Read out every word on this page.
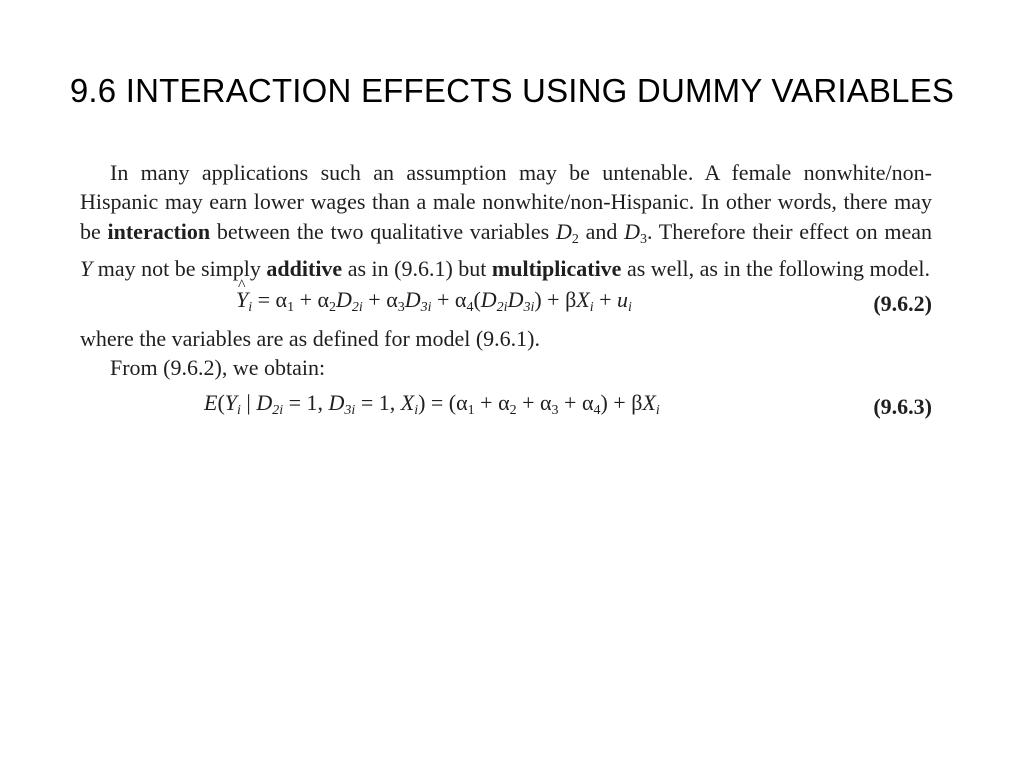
9.6 INTERACTION EFFECTS USING DUMMY VARIABLES

In many applications such an assumption may be untenable. A female nonwhite/non-Hispanic may earn lower wages than a male nonwhite/non-Hispanic. In other words, there may be interaction between the two qualitative variables $D_2$ and $D_3$. Therefore their effect on mean Y may not be simply additive as in (9.6.1) but multiplicative as well, as in the following model.

^ $Y_i = \alpha_1 + \alpha_2D_{2i} + \alpha_3D_{3i} + \alpha_4(D_{2i}D_{3i}) + \beta X_i + u_i$	(9.6.2)

where the variables are as defined for model (9.6.1).

From (9.6.2), we obtain:

$E(Y_i$ | $D_{2i} = 1$, $D_{3i} = 1$, $X_i) = (\alpha_1 + \alpha_2 + \alpha_3 + \alpha_4) + \beta X_i$	(9.6.3)
